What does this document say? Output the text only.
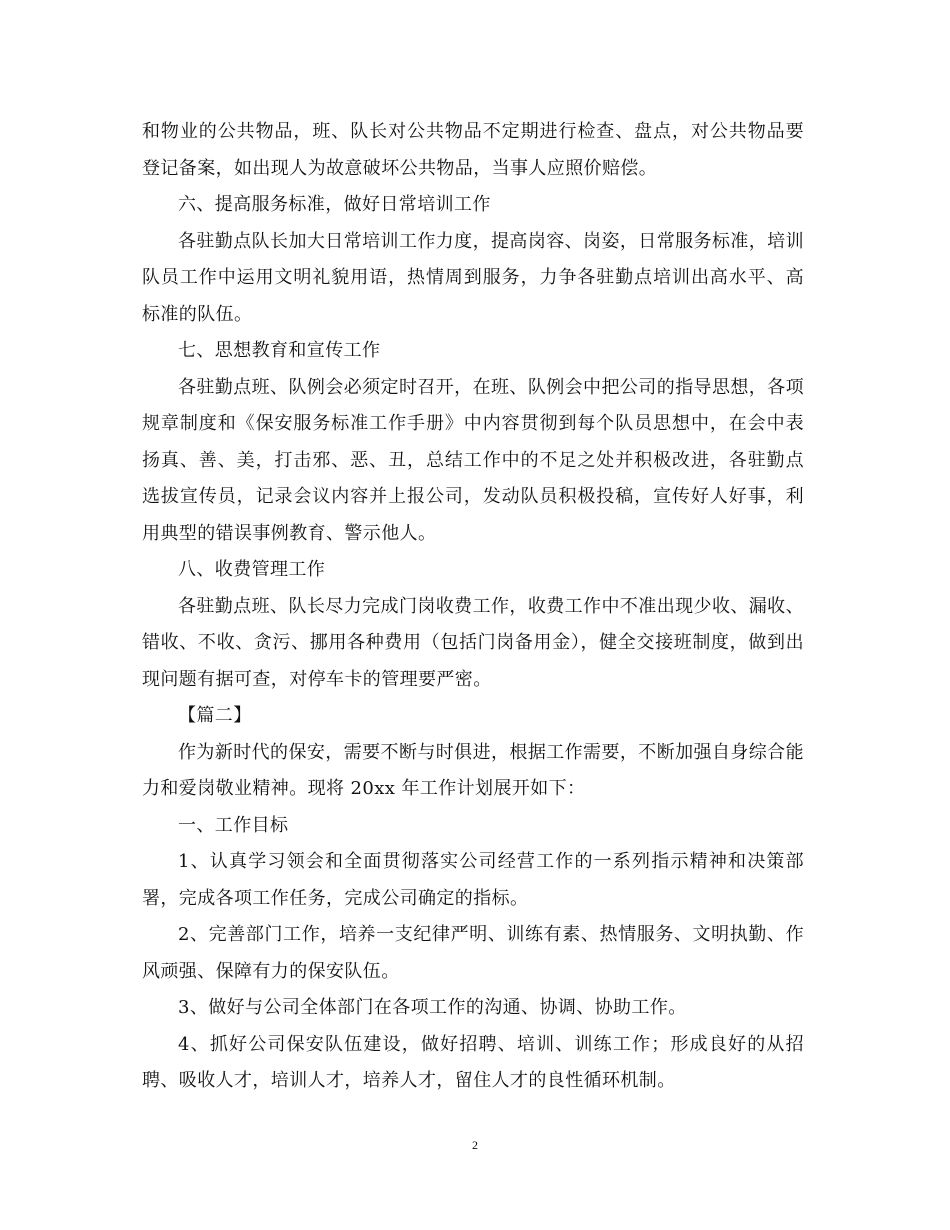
和物业的公共物品，班、队长对公共物品不定期进行检查、盘点，对公共物品要登记备案，如出现人为故意破坏公共物品，当事人应照价赔偿。

六、提高服务标准，做好日常培训工作

各驻勤点队长加大日常培训工作力度，提高岗容、岗姿，日常服务标准，培训队员工作中运用文明礼貌用语，热情周到服务，力争各驻勤点培训出高水平、高标准的队伍。

七、思想教育和宣传工作

各驻勤点班、队例会必须定时召开，在班、队例会中把公司的指导思想，各项规章制度和《保安服务标准工作手册》中内容贯彻到每个队员思想中，在会中表扬真、善、美，打击邪、恶、丑，总结工作中的不足之处并积极改进，各驻勤点选拔宣传员，记录会议内容并上报公司，发动队员积极投稿，宣传好人好事，利用典型的错误事例教育、警示他人。

八、收费管理工作

各驻勤点班、队长尽力完成门岗收费工作，收费工作中不准出现少收、漏收、错收、不收、贪污、挪用各种费用（包括门岗备用金），健全交接班制度，做到出现问题有据可查，对停车卡的管理要严密。

【篇二】

作为新时代的保安，需要不断与时俱进，根据工作需要，不断加强自身综合能力和爱岗敬业精神。现将 20xx 年工作计划展开如下：

一、工作目标

1、认真学习领会和全面贯彻落实公司经营工作的一系列指示精神和决策部署，完成各项工作任务，完成公司确定的指标。

2、完善部门工作，培养一支纪律严明、训练有素、热情服务、文明执勤、作风顽强、保障有力的保安队伍。

3、做好与公司全体部门在各项工作的沟通、协调、协助工作。

4、抓好公司保安队伍建设，做好招聘、培训、训练工作；形成良好的从招聘、吸收人才，培训人才，培养人才，留住人才的良性循环机制。

2
